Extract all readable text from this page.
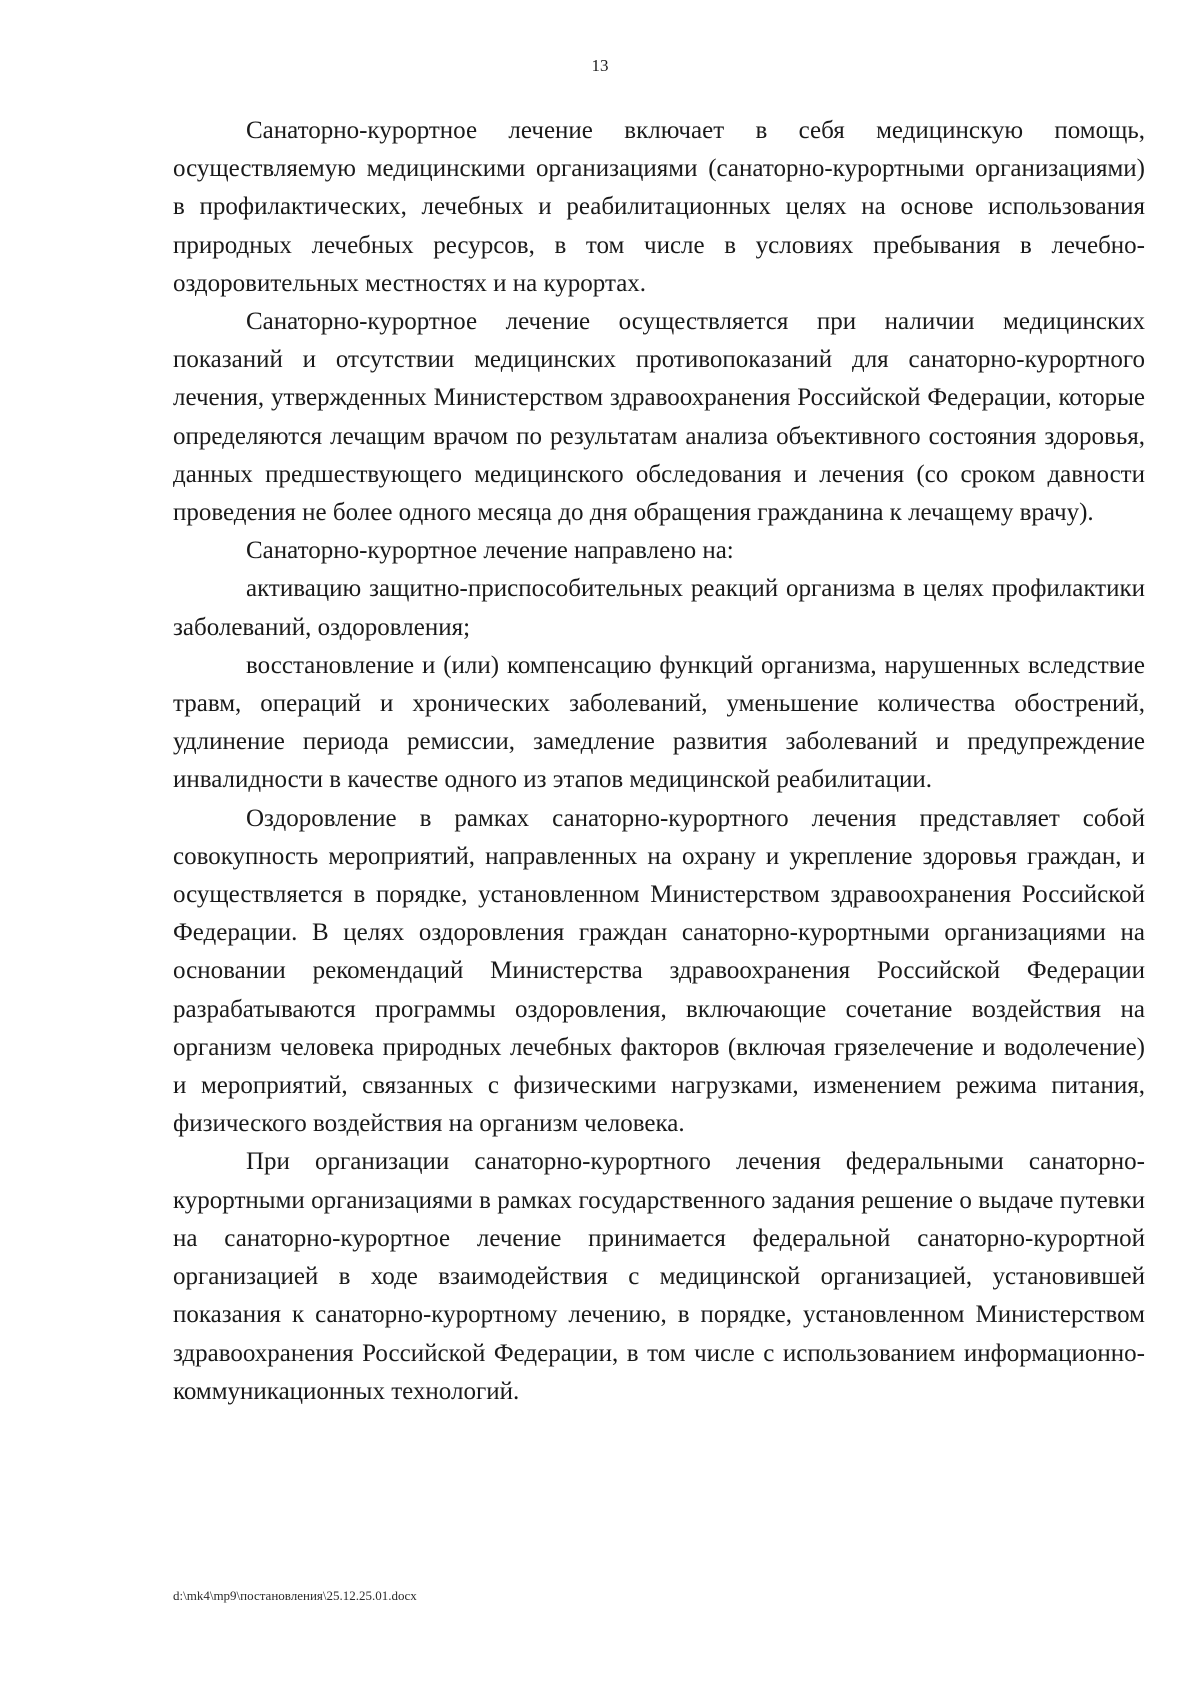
13

Санаторно-курортное лечение включает в себя медицинскую помощь, осуществляемую медицинскими организациями (санаторно-курортными организациями) в профилактических, лечебных и реабилитационных целях на основе использования природных лечебных ресурсов, в том числе в условиях пребывания в лечебно-оздоровительных местностях и на курортах.

Санаторно-курортное лечение осуществляется при наличии медицинских показаний и отсутствии медицинских противопоказаний для санаторно-курортного лечения, утвержденных Министерством здравоохранения Российской Федерации, которые определяются лечащим врачом по результатам анализа объективного состояния здоровья, данных предшествующего медицинского обследования и лечения (со сроком давности проведения не более одного месяца до дня обращения гражданина к лечащему врачу).

Санаторно-курортное лечение направлено на:

активацию защитно-приспособительных реакций организма в целях профилактики заболеваний, оздоровления;

восстановление и (или) компенсацию функций организма, нарушенных вследствие травм, операций и хронических заболеваний, уменьшение количества обострений, удлинение периода ремиссии, замедление развития заболеваний и предупреждение инвалидности в качестве одного из этапов медицинской реабилитации.

Оздоровление в рамках санаторно-курортного лечения представляет собой совокупность мероприятий, направленных на охрану и укрепление здоровья граждан, и осуществляется в порядке, установленном Министерством здравоохранения Российской Федерации. В целях оздоровления граждан санаторно-курортными организациями на основании рекомендаций Министерства здравоохранения Российской Федерации разрабатываются программы оздоровления, включающие сочетание воздействия на организм человека природных лечебных факторов (включая грязелечение и водолечение) и мероприятий, связанных с физическими нагрузками, изменением режима питания, физического воздействия на организм человека.

При организации санаторно-курортного лечения федеральными санаторно-курортными организациями в рамках государственного задания решение о выдаче путевки на санаторно-курортное лечение принимается федеральной санаторно-курортной организацией в ходе взаимодействия с медицинской организацией, установившей показания к санаторно-курортному лечению, в порядке, установленном Министерством здравоохранения Российской Федерации, в том числе с использованием информационно-коммуникационных технологий.

d:\mk4\mp9\постановления\25.12.25.01.docx
